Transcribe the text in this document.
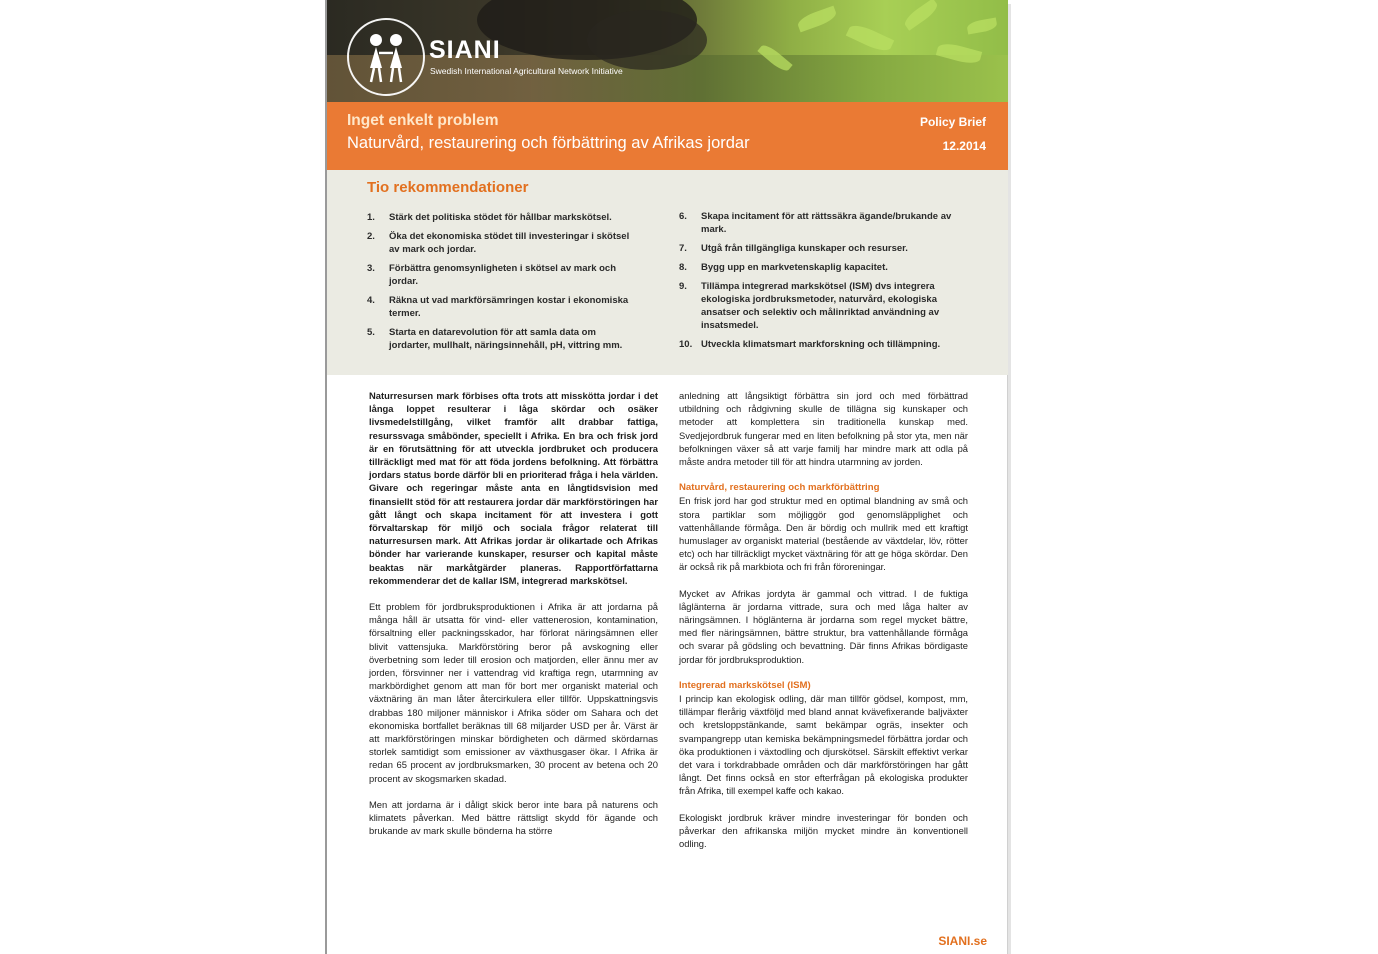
SIANI
Swedish International Agricultural Network Initiative
Inget enkelt problem
Naturvård, restaurering och förbättring av Afrikas jordar
Policy Brief
12.2014
Tio rekommendationer
1. Stärk det politiska stödet för hållbar markskötsel.
2. Öka det ekonomiska stödet till investeringar i skötsel av mark och jordar.
3. Förbättra genomsynligheten i skötsel av mark och jordar.
4. Räkna ut vad markförsämringen kostar i ekonomiska termer.
5. Starta en datarevolution för att samla data om jordarter, mullhalt, näringsinnehåll, pH, vittring mm.
6. Skapa incitament för att rättssäkra ägande/brukande av mark.
7. Utgå från tillgängliga kunskaper och resurser.
8. Bygg upp en markvetenskaplig kapacitet.
9. Tillämpa integrerad markskötsel (ISM) dvs integrera ekologiska jordbruksmetoder, naturvård, ekologiska ansatser och selektiv och målinriktad användning av insatsmedel.
10. Utveckla klimatsmart markforskning och tillämpning.

Naturresursen mark förbises ofta trots att misskötta jordar i det långa loppet resulterar i låga skördar och osäker livsmedelstillgång, vilket framför allt drabbar fattiga, resurssvaga småbönder, speciellt i Afrika. En bra och frisk jord är en förutsättning för att utveckla jordbruket och producera tillräckligt med mat för att föda jordens befolkning. Att förbättra jordars status borde därför bli en prioriterad fråga i hela världen. Givare och regeringar måste anta en långtidsvision med finansiellt stöd för att restaurera jordar där markförstöringen har gått långt och skapa incitament för att investera i gott förvaltarskap för miljö och sociala frågor relaterat till naturresursen mark. Att Afrikas jordar är olikartade och Afrikas bönder har varierande kunskaper, resurser och kapital måste beaktas när markåtgärder planeras. Rapportförfattarna rekommenderar det de kallar ISM, integrerad markskötsel.

Ett problem för jordbruksproduktionen i Afrika är att jordarna på många håll är utsatta för vind- eller vattenerosion, kontamination, försaltning eller packningsskador, har förlorat näringsämnen eller blivit vattensjuka. Markförstöring beror på avskogning eller överbetning som leder till erosion och matjorden, eller ännu mer av jorden, försvinner ner i vattendrag vid kraftiga regn, utarmning av markbördighet genom att man för bort mer organiskt material och växtnäring än man låter återcirkulera eller tillför. Uppskattningsvis drabbas 180 miljoner människor i Afrika söder om Sahara och det ekonomiska bortfallet beräknas till 68 miljarder USD per år. Värst är att markförstöringen minskar bördigheten och därmed skördarnas storlek samtidigt som emissioner av växthusgaser ökar. I Afrika är redan 65 procent av jordbruksmarken, 30 procent av betena och 20 procent av skogsmarken skadad.

Men att jordarna är i dåligt skick beror inte bara på naturens och klimatets påverkan. Med bättre rättsligt skydd för ägande och brukande av mark skulle bönderna ha större

anledning att långsiktigt förbättra sin jord och med förbättrad utbildning och rådgivning skulle de tillägna sig kunskaper och metoder att komplettera sin traditionella kunskap med. Svedjejordbruk fungerar med en liten befolkning på stor yta, men när befolkningen växer så att varje familj har mindre mark att odla på måste andra metoder till för att hindra utarmning av jorden.

Naturvård, restaurering och markförbättring

En frisk jord har god struktur med en optimal blandning av små och stora partiklar som möjliggör god genomsläpplighet och vattenhållande förmåga. Den är bördig och mullrik med ett kraftigt humuslager av organiskt material (bestående av växtdelar, löv, rötter etc) och har tillräckligt mycket växtnäring för att ge höga skördar. Den är också rik på markbiota och fri från föroreningar.

Mycket av Afrikas jordyta är gammal och vittrad. I de fuktiga låglänterna är jordarna vittrade, sura och med låga halter av näringsämnen. I höglänterna är jordarna som regel mycket bättre, med fler näringsämnen, bättre struktur, bra vattenhållande förmåga och svarar på gödsling och bevattning. Där finns Afrikas bördigaste jordar för jordbruksproduktion.

Integrerad markskötsel (ISM)

I princip kan ekologisk odling, där man tillför gödsel, kompost, mm, tillämpar flerårig växtföljd med bland annat kvävefixerande baljväxter och kretsloppstänkande, samt bekämpar ogräs, insekter och svampangrepp utan kemiska bekämpningsmedel förbättra jordar och öka produktionen i växtodling och djurskötsel. Särskilt effektivt verkar det vara i torkdrabbade områden och där markförstöringen har gått långt. Det finns också en stor efterfrågan på ekologiska produkter från Afrika, till exempel kaffe och kakao.

Ekologiskt jordbruk kräver mindre investeringar för bonden och påverkar den afrikanska miljön mycket mindre än konventionell odling.

SIANI.se
